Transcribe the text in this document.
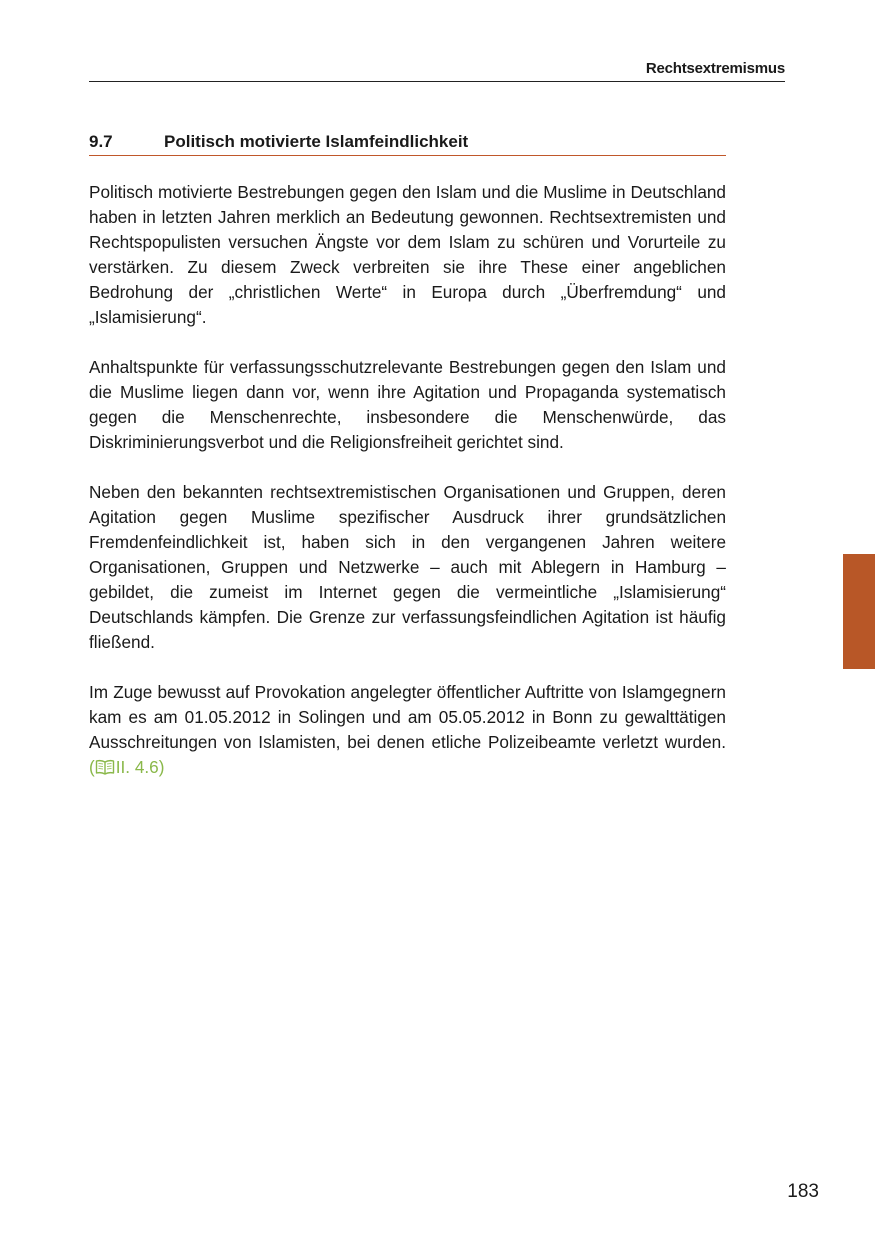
Rechtsextremismus
9.7	Politisch motivierte Islamfeindlichkeit

Politisch motivierte Bestrebungen gegen den Islam und die Muslime in Deutschland haben in letzten Jahren merklich an Bedeutung gewonnen. Rechtsextremisten und Rechtspopulisten versuchen Ängste vor dem Islam zu schüren und Vorurteile zu verstärken. Zu diesem Zweck verbreiten sie ihre These einer angeblichen Bedrohung der „christlichen Werte“ in Europa durch „Überfremdung“ und „Islamisierung“.

Anhaltspunkte für verfassungsschutzrelevante Bestrebungen gegen den Islam und die Muslime liegen dann vor, wenn ihre Agitation und Propaganda systematisch gegen die Menschenrechte, insbesondere die Menschenwürde, das Diskriminierungsverbot und die Religionsfreiheit gerichtet sind.

Neben den bekannten rechtsextremistischen Organisationen und Gruppen, deren Agitation gegen Muslime spezifischer Ausdruck ihrer grundsätzlichen Fremdenfeindlichkeit ist, haben sich in den vergangenen Jahren weitere Organisationen, Gruppen und Netzwerke – auch mit Ablegern in Hamburg – gebildet, die zumeist im Internet gegen die vermeintliche „Islamisierung“ Deutschlands kämpfen. Die Grenze zur verfassungsfeindlichen Agitation ist häufig fließend.

Im Zuge bewusst auf Provokation angelegter öffentlicher Auftritte von Islamgegnern kam es am 01.05.2012 in Solingen und am 05.05.2012 in Bonn zu gewalttätigen Ausschreitungen von Islamisten, bei denen etliche Polizeibeamte verletzt wurden. ( II. 4.6)

183
